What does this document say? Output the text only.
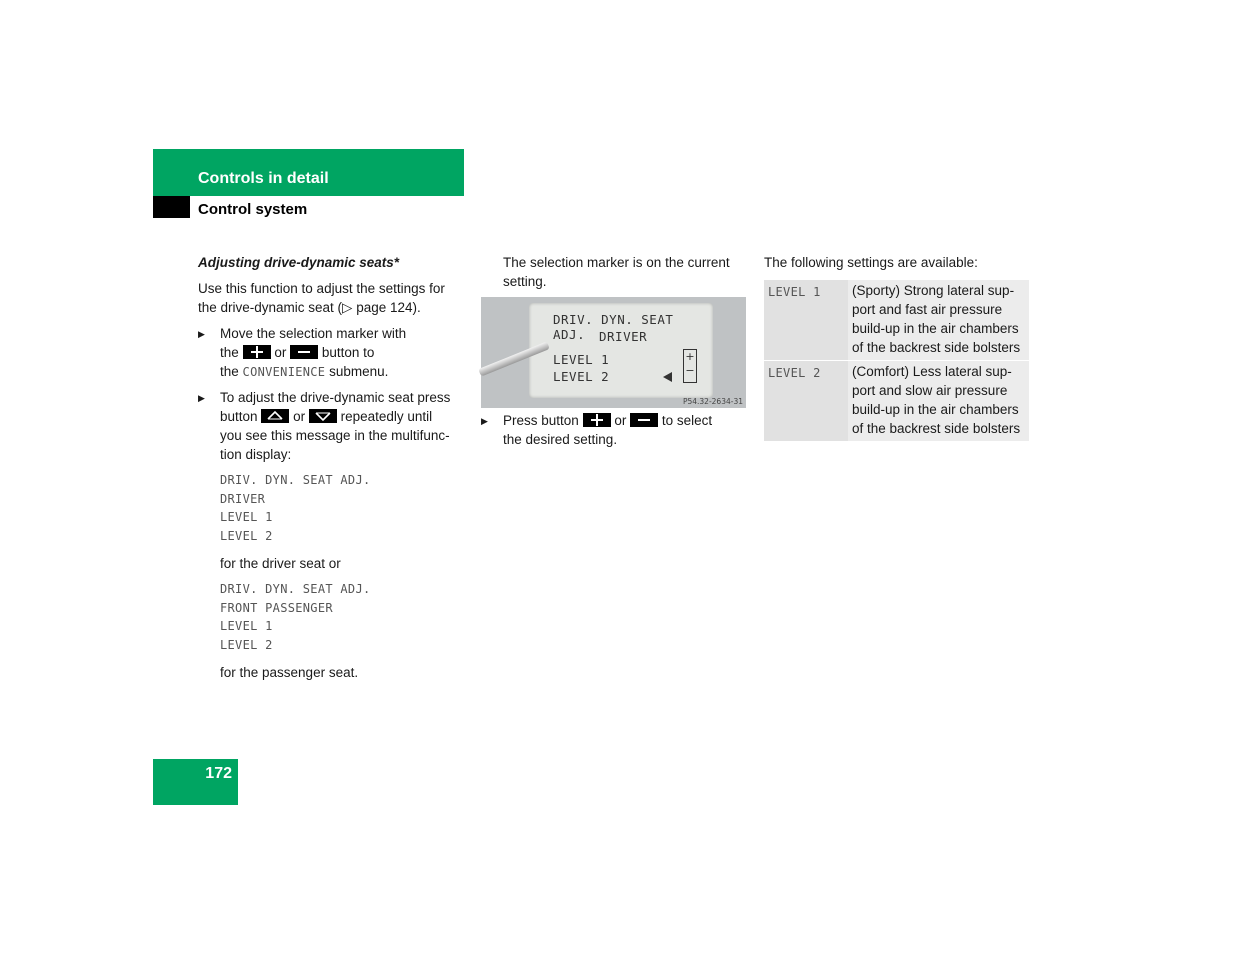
Controls in detail
Control system
Adjusting drive-dynamic seats*
Use this function to adjust the settings for the drive-dynamic seat (▷ page 124).
▶ Move the selection marker with
the	or	button to
the CONVENIENCE submenu.
▶ To adjust the drive-dynamic seat press
button	or	repeatedly until
you see this message in the multifunc-
tion display:
DRIV. DYN. SEAT ADJ.
DRIVER
LEVEL 1
LEVEL 2
for the driver seat or
DRIV. DYN. SEAT ADJ.
FRONT PASSENGER
LEVEL 1
LEVEL 2
for the passenger seat.
The selection marker is on the current setting.
DRIV. DYN. SEAT ADJ.	DRIVER
LEVEL 1
LEVEL 2
+
−
P54.32-2634-31
▶ Press button	or	to select
the desired setting.
The following settings are available:
LEVEL 1	(Sporty) Strong lateral sup-
port and fast air pressure
build-up in the air chambers
of the backrest side bolsters

LEVEL 2	(Comfort) Less lateral sup-
port and slow air pressure
build-up in the air chambers
of the backrest side bolsters
172
